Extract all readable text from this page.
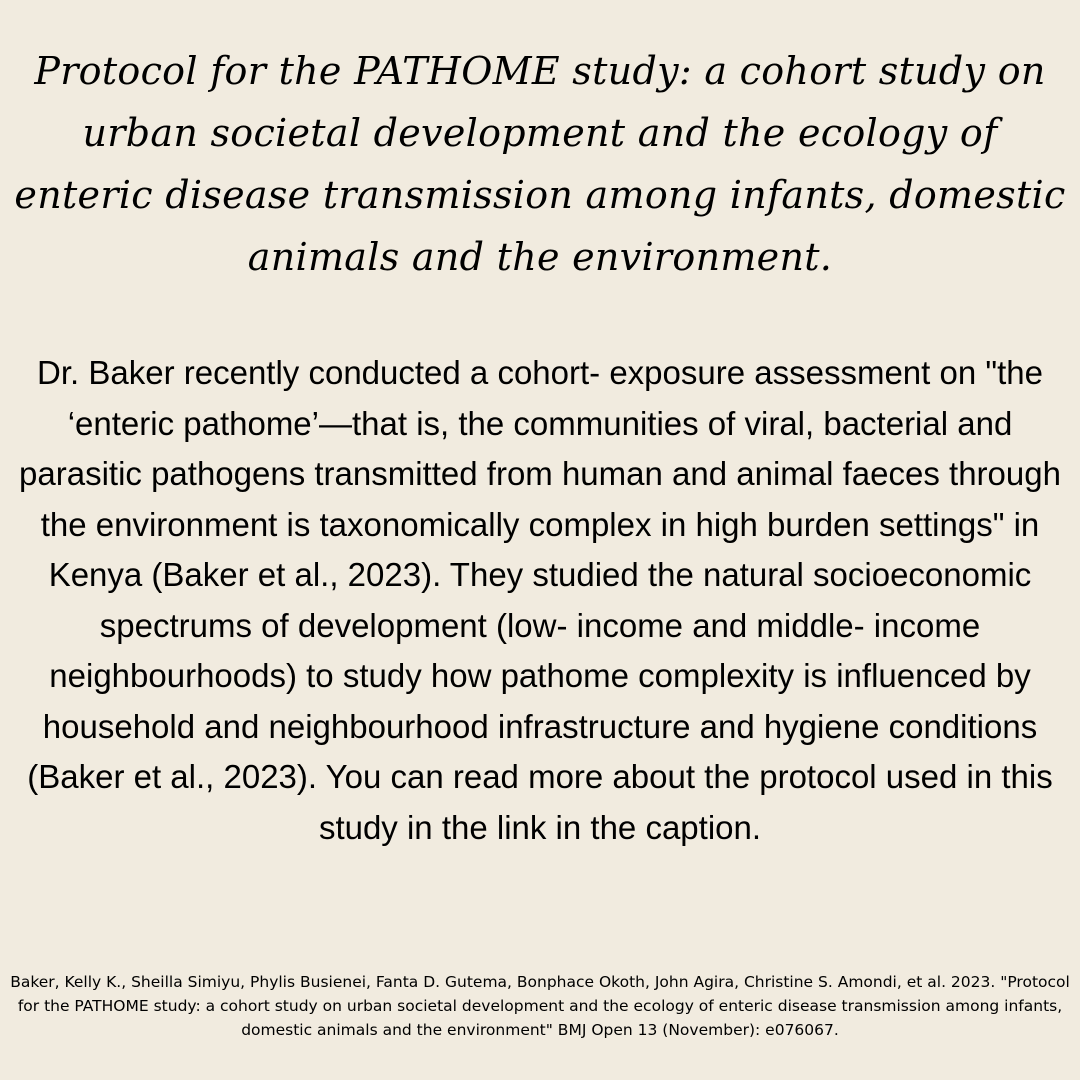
Protocol for the PATHOME study: a cohort study on urban societal development and the ecology of enteric disease transmission among infants, domestic animals and the environment.

Dr. Baker recently conducted a cohort- exposure assessment on "the ‘enteric pathome’—that is, the communities of viral, bacterial and parasitic pathogens transmitted from human and animal faeces through the environment is taxonomically complex in high burden settings" in Kenya (Baker et al., 2023). They studied the natural socioeconomic spectrums of development (low- income and middle- income neighbourhoods) to study how pathome complexity is influenced by household and neighbourhood infrastructure and hygiene conditions (Baker et al., 2023). You can read more about the protocol used in this study in the link in the caption.

Baker, Kelly K., Sheilla Simiyu, Phylis Busienei, Fanta D. Gutema, Bonphace Okoth, John Agira, Christine S. Amondi, et al. 2023. "Protocol for the PATHOME study: a cohort study on urban societal development and the ecology of enteric disease transmission among infants, domestic animals and the environment" BMJ Open 13 (November): e076067.
